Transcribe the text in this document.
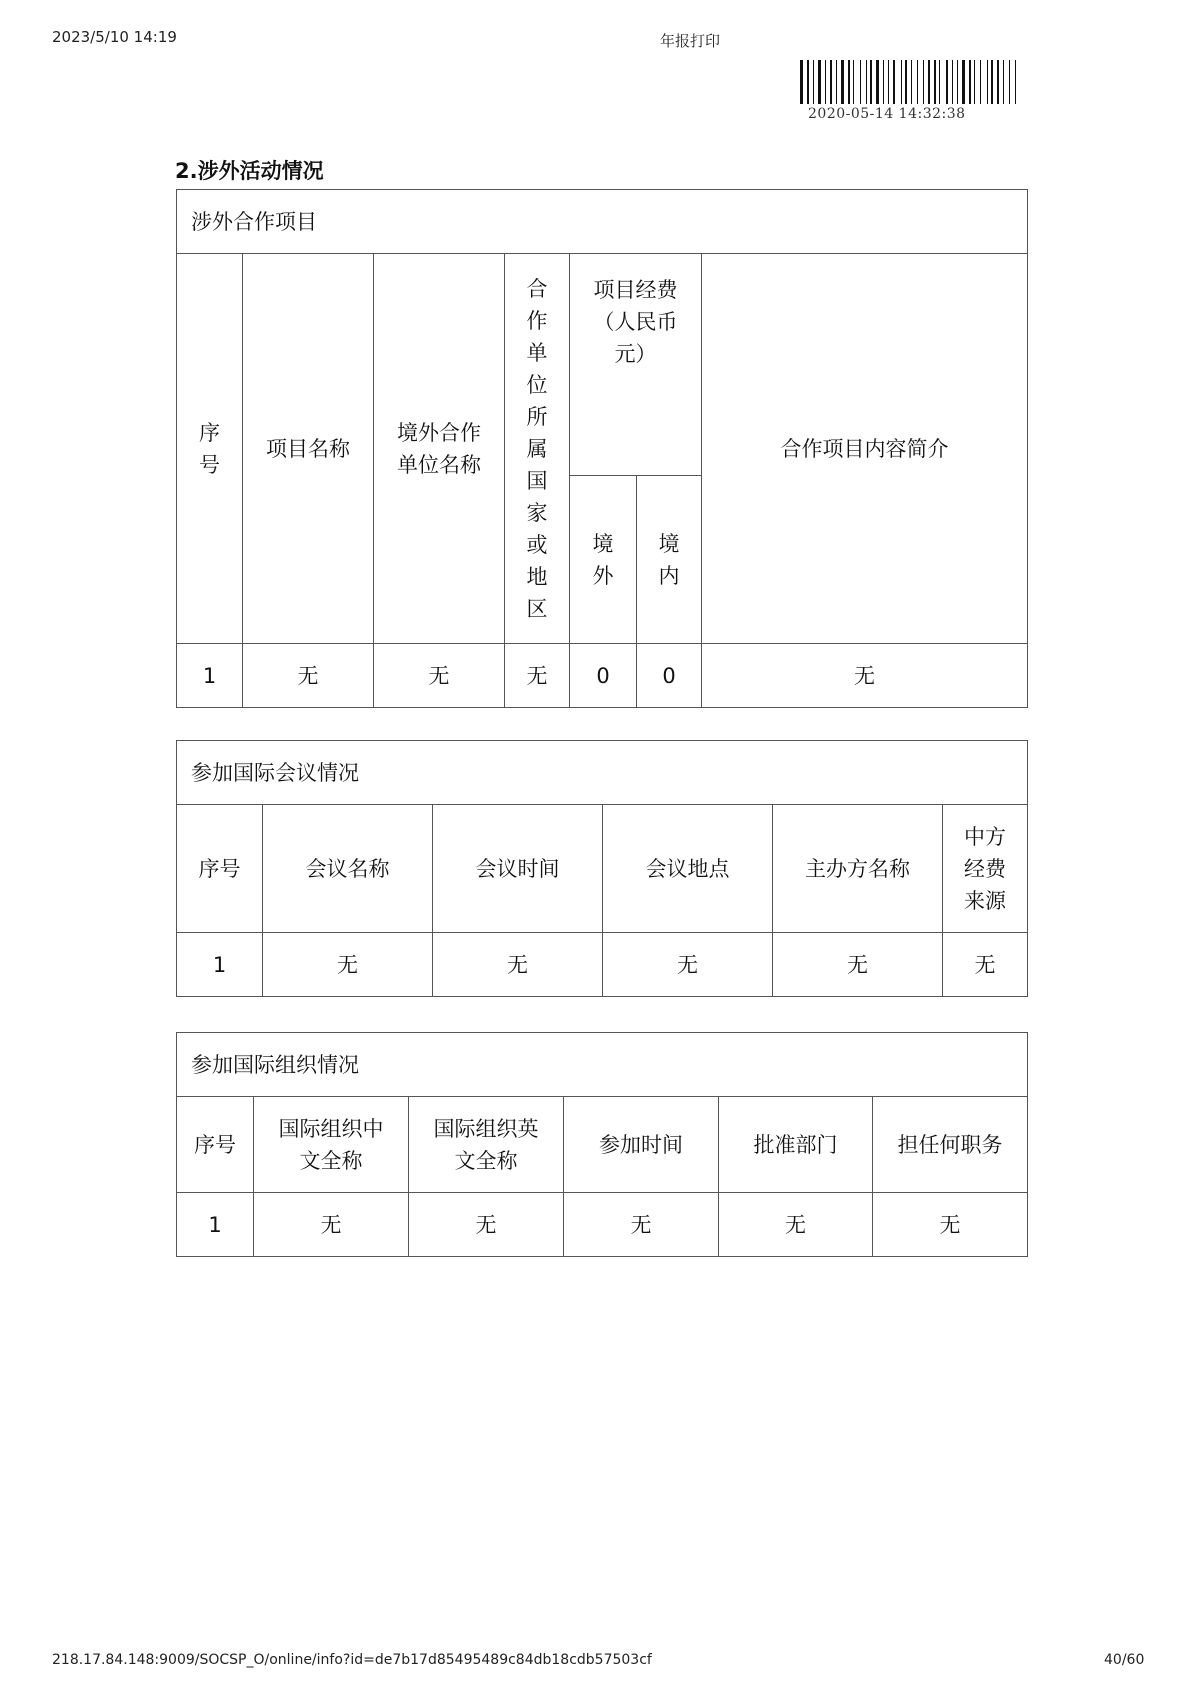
2023/5/10 14:19	年报打印
2020-05-14 14:32:38
2.涉外活动情况
涉外合作项目						

序号	项目名称	境外合作单位名称	合作单位所属国家或地区	项目经费（人民币元）		合作项目内容简介

				境外	境内	

1	无	无	无	0	0	无
参加国际会议情况					
序号	会议名称	会议时间	会议地点	主办方名称	中方经费来源

1	无	无	无	无	无
参加国际组织情况					
序号	国际组织中文全称	国际组织英文全称	参加时间	批准部门	担任何职务
1	无	无	无	无	无
218.17.84.148:9009/SOCSP_O/online/info?id=de7b17d85495489c84db18cdb57503cf	40/60
